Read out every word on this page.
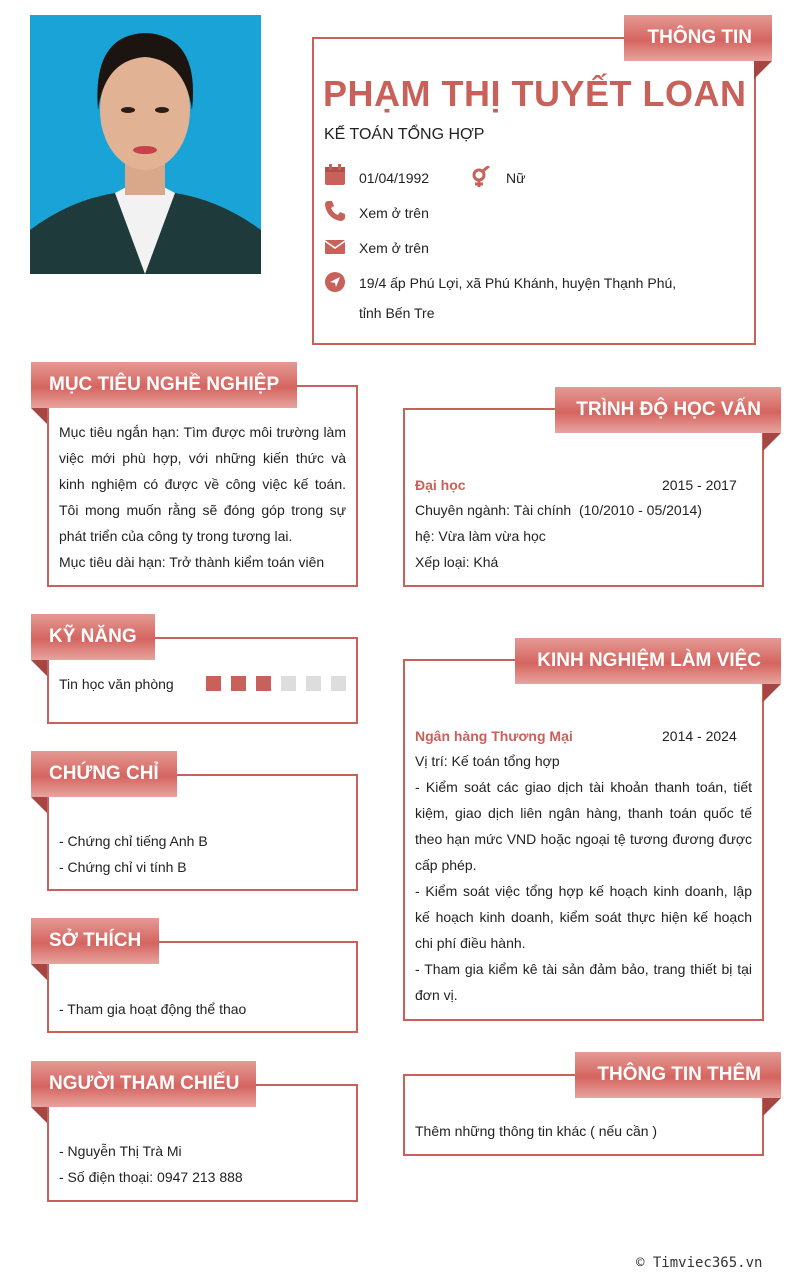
THÔNG TIN
PHẠM THỊ TUYẾT LOAN
KẾ TOÁN TỔNG HỢP
01/04/1992	Nữ
Xem ở trên
Xem ở trên
19/4 ấp Phú Lợi, xã Phú Khánh, huyện Thạnh Phú,
tỉnh Bến Tre
MỤC TIÊU NGHỀ NGHIỆP
Mục tiêu ngắn hạn: Tìm được môi trường làm việc mới phù hợp, với những kiến thức và kinh nghiệm có được về công việc kế toán. Tôi mong muốn rằng sẽ đóng góp trong sự phát triển của công ty trong tương lai.
Mục tiêu dài hạn: Trở thành kiểm toán viên
KỸ NĂNG
Tin học văn phòng
CHỨNG CHỈ
- Chứng chỉ tiếng Anh B
- Chứng chỉ vi tính B
SỞ THÍCH
- Tham gia hoạt động thể thao
NGƯỜI THAM CHIẾU
- Nguyễn Thị Trà Mi
- Số điện thoại: 0947 213 888
TRÌNH ĐỘ HỌC VẤN
Đại học	2015 - 2017
Chuyên ngành: Tài chính  (10/2010 - 05/2014)
hệ: Vừa làm vừa học
Xếp loại: Khá
KINH NGHIỆM LÀM VIỆC
Ngân hàng Thương Mại	2014 - 2024
Vị trí: Kế toán tổng hợp
- Kiểm soát các giao dịch tài khoản thanh toán, tiết kiệm, giao dịch liên ngân hàng, thanh toán quốc tế theo hạn mức VND hoặc ngoại tệ tương đương được cấp phép.
- Kiểm soát việc tổng hợp kế hoạch kinh doanh, lập kế hoạch kinh doanh, kiểm soát thực hiện kế hoạch chi phí điều hành.
- Tham gia kiểm kê tài sản đảm bảo, trang thiết bị tại đơn vị.
THÔNG TIN THÊM
Thêm những thông tin khác ( nếu cần )
© Timviec365.vn
